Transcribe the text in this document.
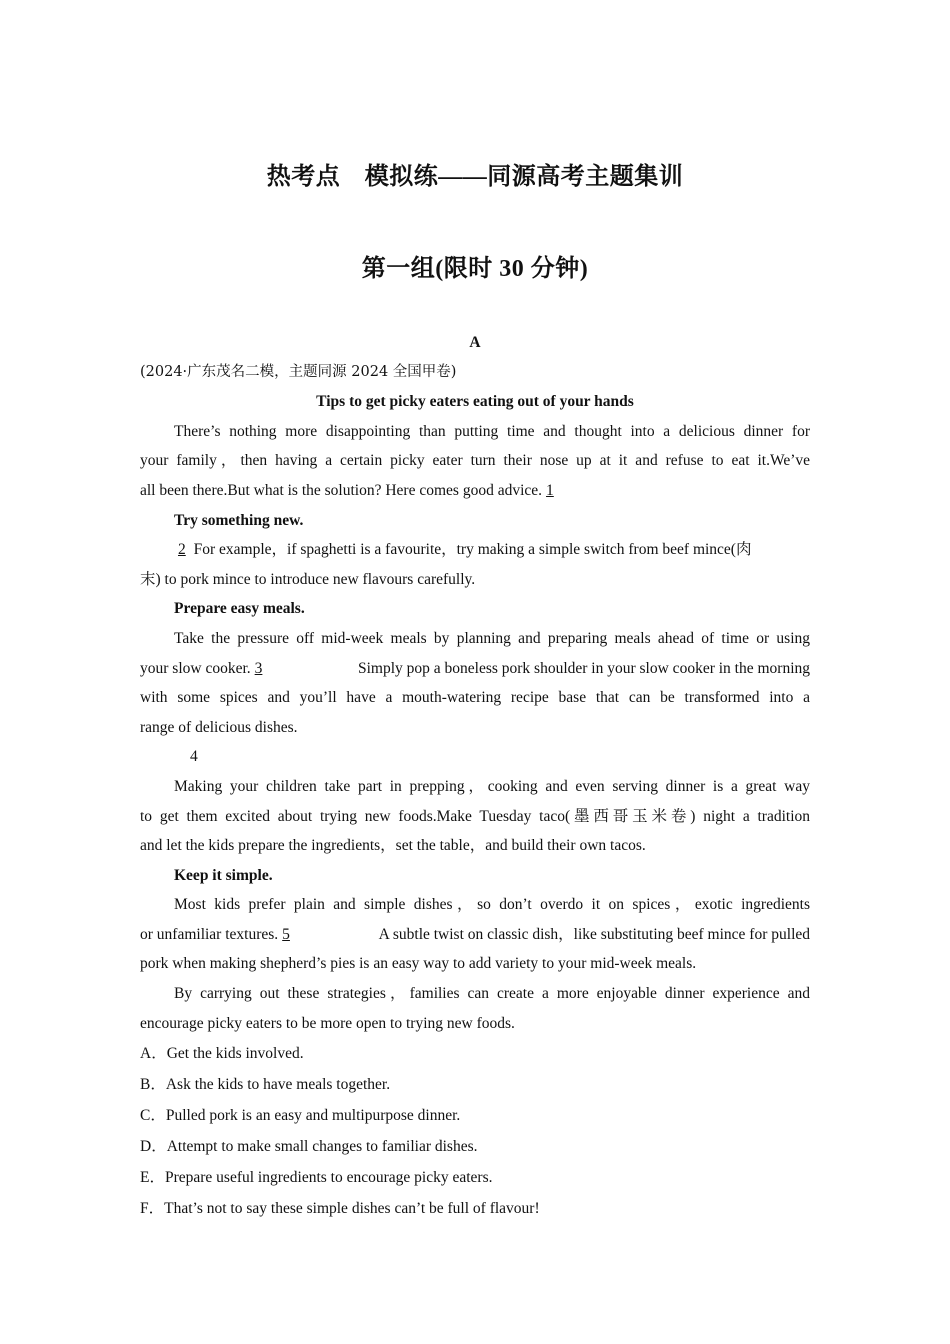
热考点　模拟练——同源高考主题集训
第一组(限时 30 分钟)
A
(2024·广东茂名二模，主题同源 2024 全国甲卷)
Tips to get picky eaters eating out of your hands
There’s nothing more disappointing than putting time and thought into a delicious dinner for
your family，then having a certain picky eater turn their nose up at it and refuse to eat it.We’ve
all been there.But what is the solution? Here comes good advice. 1
Try something new.
2 For example，if spaghetti is a favourite，try making a simple switch from beef mince(肉
末) to pork mince to introduce new flavours carefully.
Prepare easy meals.
Take the pressure off mid-week meals by planning and preparing meals ahead of time or using
your slow cooker. 3	Simply pop a boneless pork shoulder in your slow cooker in the morning
with some spices and you’ll have a mouth-watering recipe base that can be transformed into a
range of delicious dishes.
4
Making your children take part in prepping，cooking and even serving dinner is a great way
to get them excited about trying new foods.Make Tuesday taco(墨西哥玉米卷) night a tradition
and let the kids prepare the ingredients，set the table，and build their own tacos.
Keep it simple.
Most kids prefer plain and simple dishes，so don’t overdo it on spices，exotic ingredients
or unfamiliar textures. 5	A subtle twist on classic dish，like substituting beef mince for pulled
pork when making shepherd’s pies is an easy way to add variety to your mid-week meals.
By carrying out these strategies，families can create a more enjoyable dinner experience and
encourage picky eaters to be more open to trying new foods.
A．Get the kids involved.
B．Ask the kids to have meals together.
C．Pulled pork is an easy and multipurpose dinner.
D．Attempt to make small changes to familiar dishes.
E．Prepare useful ingredients to encourage picky eaters.
F．That’s not to say these simple dishes can’t be full of flavour!
